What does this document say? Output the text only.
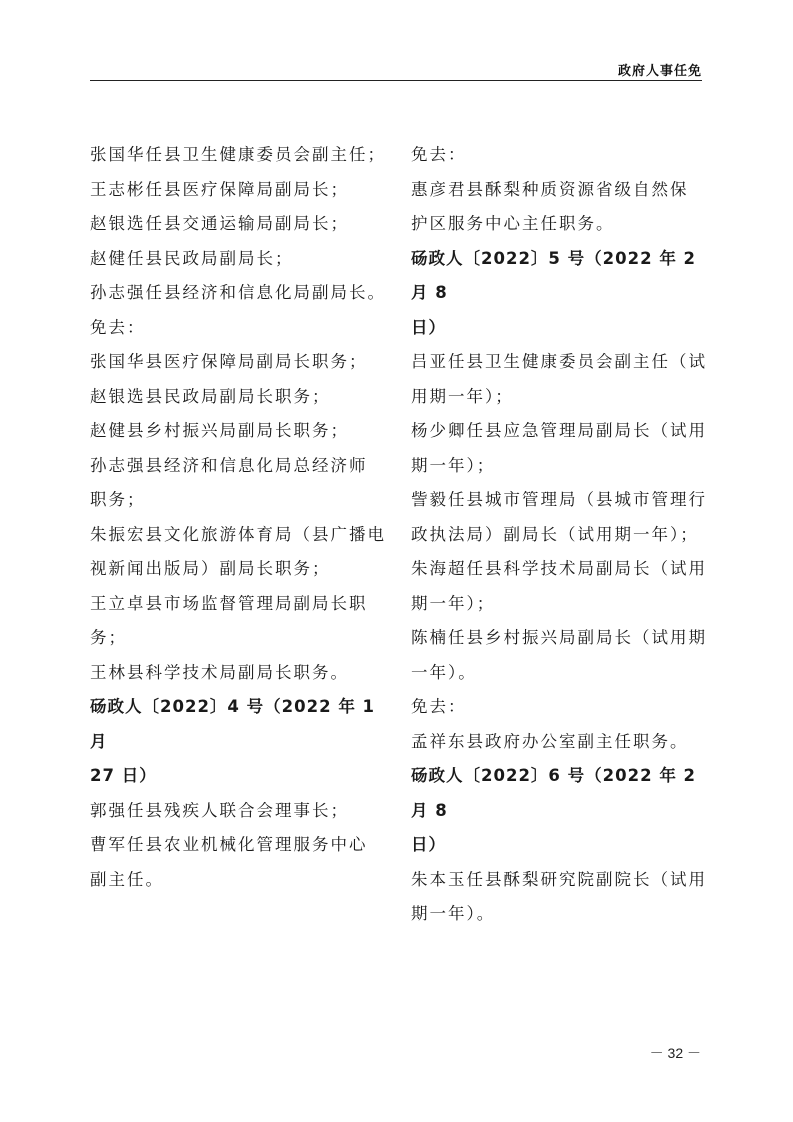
政府人事任免
张国华任县卫生健康委员会副主任；
王志彬任县医疗保障局副局长；
赵银选任县交通运输局副局长；
赵健任县民政局副局长；
孙志强任县经济和信息化局副局长。
免去：
张国华县医疗保障局副局长职务；
赵银选县民政局副局长职务；
赵健县乡村振兴局副局长职务；
孙志强县经济和信息化局总经济师
职务；
朱振宏县文化旅游体育局（县广播电
视新闻出版局）副局长职务；
王立卓县市场监督管理局副局长职
务；
王林县科学技术局副局长职务。
砀政人〔2022〕4 号（2022 年 1 月
27 日）
郭强任县残疾人联合会理事长；
曹军任县农业机械化管理服务中心
副主任。
免去：
惠彦君县酥梨种质资源省级自然保
护区服务中心主任职务。
砀政人〔2022〕5 号（2022 年 2 月 8
日）
吕亚任县卫生健康委员会副主任（试
用期一年）；
杨少卿任县应急管理局副局长（试用
期一年）；
訾毅任县城市管理局（县城市管理行
政执法局）副局长（试用期一年）；
朱海超任县科学技术局副局长（试用
期一年）；
陈楠任县乡村振兴局副局长（试用期
一年）。
免去：
孟祥东县政府办公室副主任职务。
砀政人〔2022〕6 号（2022 年 2 月 8
日）
朱本玉任县酥梨研究院副院长（试用
期一年）。
－ 32 －
